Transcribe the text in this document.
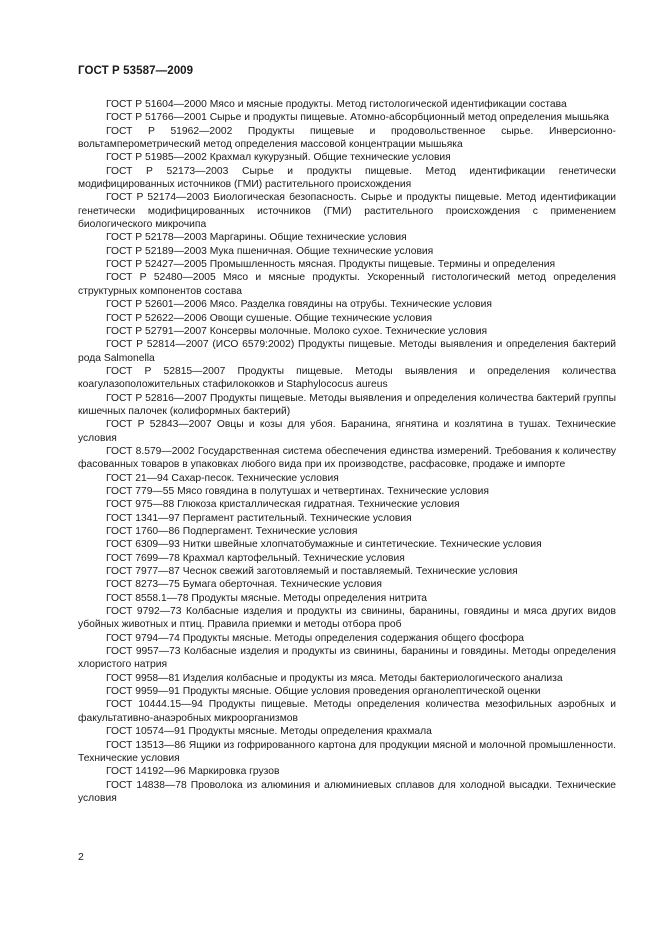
ГОСТ Р 53587—2009

ГОСТ Р 51604—2000 Мясо и мясные продукты. Метод гистологической идентификации состава

ГОСТ Р 51766—2001 Сырье и продукты пищевые. Атомно-абсорбционный метод определения мышьяка

ГОСТ Р 51962—2002 Продукты пищевые и продовольственное сырье. Инверсионно-вольтамперометрический метод определения массовой концентрации мышьяка

ГОСТ Р 51985—2002 Крахмал кукурузный. Общие технические условия

ГОСТ Р 52173—2003 Сырье и продукты пищевые. Метод идентификации генетически модифицированных источников (ГМИ) растительного происхождения

ГОСТ Р 52174—2003 Биологическая безопасность. Сырье и продукты пищевые. Метод идентификации генетически модифицированных источников (ГМИ) растительного происхождения с применением биологического микрочипа

ГОСТ Р 52178—2003 Маргарины. Общие технические условия

ГОСТ Р 52189—2003 Мука пшеничная. Общие технические условия

ГОСТ Р 52427—2005 Промышленность мясная. Продукты пищевые. Термины и определения

ГОСТ Р 52480—2005 Мясо и мясные продукты. Ускоренный гистологический метод определения структурных компонентов состава

ГОСТ Р 52601—2006 Мясо. Разделка говядины на отрубы. Технические условия

ГОСТ Р 52622—2006 Овощи сушеные. Общие технические условия

ГОСТ Р 52791—2007 Консервы молочные. Молоко сухое. Технические условия

ГОСТ Р 52814—2007 (ИСО 6579:2002) Продукты пищевые. Методы выявления и определения бактерий рода Salmonella

ГОСТ Р 52815—2007 Продукты пищевые. Методы выявления и определения количества коагулазоположительных стафилококков и Staphylococus aureus

ГОСТ Р 52816—2007 Продукты пищевые. Методы выявления и определения количества бактерий группы кишечных палочек (колиформных бактерий)

ГОСТ Р 52843—2007 Овцы и козы для убоя. Баранина, ягнятина и козлятина в тушах. Технические условия

ГОСТ 8.579—2002 Государственная система обеспечения единства измерений. Требования к количеству фасованных товаров в упаковках любого вида при их производстве, расфасовке, продаже и импорте

ГОСТ 21—94 Сахар-песок. Технические условия

ГОСТ 779—55 Мясо говядина в полутушах и четвертинах. Технические условия

ГОСТ 975—88 Глюкоза кристаллическая гидратная. Технические условия

ГОСТ 1341—97 Пергамент растительный. Технические условия

ГОСТ 1760—86 Подпергамент. Технические условия

ГОСТ 6309—93 Нитки швейные хлопчатобумажные и синтетические. Технические условия

ГОСТ 7699—78 Крахмал картофельный. Технические условия

ГОСТ 7977—87 Чеснок свежий заготовляемый и поставляемый. Технические условия

ГОСТ 8273—75 Бумага оберточная. Технические условия

ГОСТ 8558.1—78 Продукты мясные. Методы определения нитрита

ГОСТ 9792—73 Колбасные изделия и продукты из свинины, баранины, говядины и мяса других видов убойных животных и птиц. Правила приемки и методы отбора проб

ГОСТ 9794—74 Продукты мясные. Методы определения содержания общего фосфора

ГОСТ 9957—73 Колбасные изделия и продукты из свинины, баранины и говядины. Методы определения хлористого натрия

ГОСТ 9958—81 Изделия колбасные и продукты из мяса. Методы бактериологического анализа

ГОСТ 9959—91 Продукты мясные. Общие условия проведения органолептической оценки

ГОСТ 10444.15—94 Продукты пищевые. Методы определения количества мезофильных аэробных и факультативно-анаэробных микроорганизмов

ГОСТ 10574—91 Продукты мясные. Методы определения крахмала

ГОСТ 13513—86 Ящики из гофрированного картона для продукции мясной и молочной промышленности. Технические условия

ГОСТ 14192—96 Маркировка грузов

ГОСТ 14838—78 Проволока из алюминия и алюминиевых сплавов для холодной высадки. Технические условия

2
